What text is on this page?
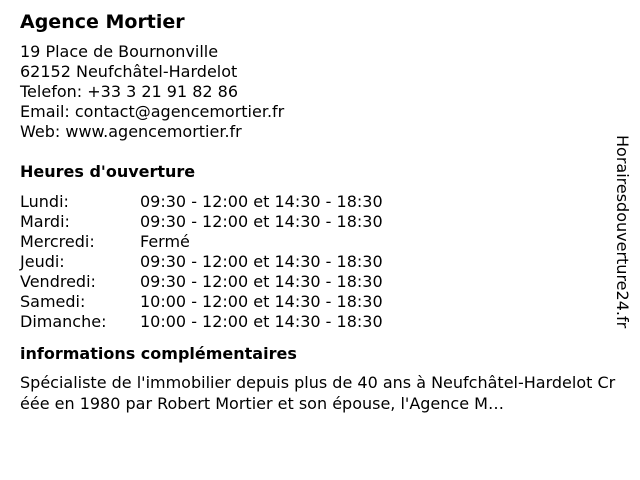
Agence Mortier
19 Place de Bournonville
62152 Neufchâtel-Hardelot
Telefon: +33 3 21 91 82 86
Email: contact@agencemortier.fr
Web: www.agencemortier.fr
Heures d'ouverture
Lundi:	09:30 - 12:00 et 14:30 - 18:30
Mardi:	09:30 - 12:00 et 14:30 - 18:30
Mercredi:	Fermé
Jeudi:	09:30 - 12:00 et 14:30 - 18:30
Vendredi:	09:30 - 12:00 et 14:30 - 18:30
Samedi:	10:00 - 12:00 et 14:30 - 18:30
Dimanche:	10:00 - 12:00 et 14:30 - 18:30
informations complémentaires
Spécialiste de l'immobilier depuis plus de 40 ans à Neufchâtel-Hardelot Créée en 1980 par Robert Mortier et son épouse, l'Agence M…
Horairesdouverture24.fr
